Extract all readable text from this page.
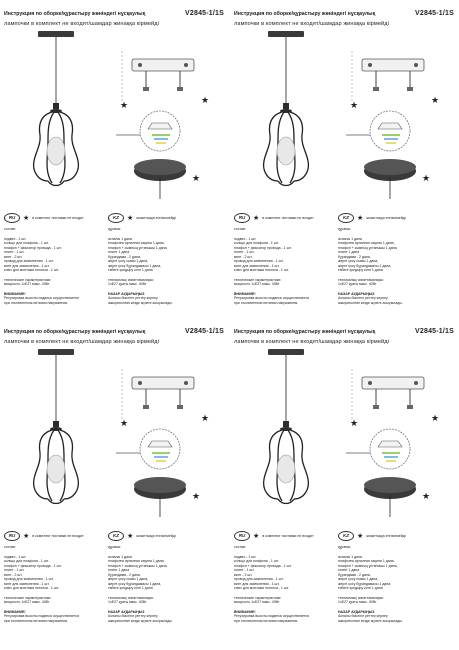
Инструкция по оборке/құрастыру жөніндегі нұсқаулық	V2845-1/1S
лампочки в комплект не входят/шамдар жинаққа кірмейді
★
★
★
RU	★ в комплект поставки не входит	KZ	★ жиынтыққа енгізілмейді
состав:
подвес - 1 шт.
кольцо для плафона - 1 шт.
плафон + фиксатор провода - 1 шт.
плинт - 1 шт.
винт - 2 шт.
провод для заземления - 1 шт.
винт для заземления - 1 шт.
ключ для монтажа потолка - 1 шт.
технические характеристики:
мощность 1xE27 макс. 40Вт
ВНИМАНИЕ!
Регулировка высоты подвеса осуществляется
при отключенном питании напряжения.
құрамы:
аспалы 1 дана
плафонға арналған сақина 1 дана,
плафон + сымның ұстағышы 1 дана,
плинт 1 дана
бұрандама - 2 дана,
жерге қосу сымы 1 дана,
жерге қосу бұрандамасы 1 дана,
төбеге қондыру кілті 1 дана
техникалық сипаттамалары:
1xE27 қуаты макс. 40Вт
НАЗАР АУДАРЫҢЫЗ
Аспалы биіктігін реттеу кернеу
ажыратылған кезде жүзеге асырылады.
Инструкция по оборке/құрастыру жөніндегі нұсқаулық	V2845-1/1S
лампочки в комплект не входят/шамдар жинаққа кірмейді
★
★
★
RU	★ в комплект поставки не входит	KZ	★ жиынтыққа енгізілмейді
состав:
подвес - 1 шт.
кольцо для плафона - 1 шт.
плафон + фиксатор провода - 1 шт.
плинт - 1 шт.
винт - 2 шт.
провод для заземления - 1 шт.
винт для заземления - 1 шт.
ключ для монтажа потолка - 1 шт.
технические характеристики:
мощность 1xE27 макс. 40Вт
ВНИМАНИЕ!
Регулировка высоты подвеса осуществляется
при отключенном питании напряжения.
құрамы:
аспалы 1 дана
плафонға арналған сақина 1 дана,
плафон + сымның ұстағышы 1 дана,
плинт 1 дана
бұрандама - 2 дана,
жерге қосу сымы 1 дана,
жерге қосу бұрандамасы 1 дана,
төбеге қондыру кілті 1 дана
техникалық сипаттамалары:
1xE27 қуаты макс. 40Вт
НАЗАР АУДАРЫҢЫЗ
Аспалы биіктігін реттеу кернеу
ажыратылған кезде жүзеге асырылады.
Инструкция по оборке/құрастыру жөніндегі нұсқаулық	V2845-1/1S
лампочки в комплект не входят/шамдар жинаққа кірмейді
★
★
★
RU	★ в комплект поставки не входит	KZ	★ жиынтыққа енгізілмейді
состав:
подвес - 1 шт.
кольцо для плафона - 1 шт.
плафон + фиксатор провода - 1 шт.
плинт - 1 шт.
винт - 2 шт.
провод для заземления - 1 шт.
винт для заземления - 1 шт.
ключ для монтажа потолка - 1 шт.
технические характеристики:
мощность 1xE27 макс. 40Вт
ВНИМАНИЕ!
Регулировка высоты подвеса осуществляется
при отключенном питании напряжения.
құрамы:
аспалы 1 дана
плафонға арналған сақина 1 дана,
плафон + сымның ұстағышы 1 дана,
плинт 1 дана
бұрандама - 2 дана,
жерге қосу сымы 1 дана,
жерге қосу бұрандамасы 1 дана,
төбеге қондыру кілті 1 дана
техникалық сипаттамалары:
1xE27 қуаты макс. 40Вт
НАЗАР АУДАРЫҢЫЗ
Аспалы биіктігін реттеу кернеу
ажыратылған кезде жүзеге асырылады.
Инструкция по оборке/құрастыру жөніндегі нұсқаулық	V2845-1/1S
лампочки в комплект не входят/шамдар жинаққа кірмейді
★
★
★
RU	★ в комплект поставки не входит	KZ	★ жиынтыққа енгізілмейді
состав:
подвес - 1 шт.
кольцо для плафона - 1 шт.
плафон + фиксатор провода - 1 шт.
плинт - 1 шт.
винт - 2 шт.
провод для заземления - 1 шт.
винт для заземления - 1 шт.
ключ для монтажа потолка - 1 шт.
технические характеристики:
мощность 1xE27 макс. 40Вт
ВНИМАНИЕ!
Регулировка высоты подвеса осуществляется
при отключенном питании напряжения.
құрамы:
аспалы 1 дана
плафонға арналған сақина 1 дана,
плафон + сымның ұстағышы 1 дана,
плинт 1 дана
бұрандама - 2 дана,
жерге қосу сымы 1 дана,
жерге қосу бұрандамасы 1 дана,
төбеге қондыру кілті 1 дана
техникалық сипаттамалары:
1xE27 қуаты макс. 40Вт
НАЗАР АУДАРЫҢЫЗ
Аспалы биіктігін реттеу кернеу
ажыратылған кезде жүзеге асырылады.
